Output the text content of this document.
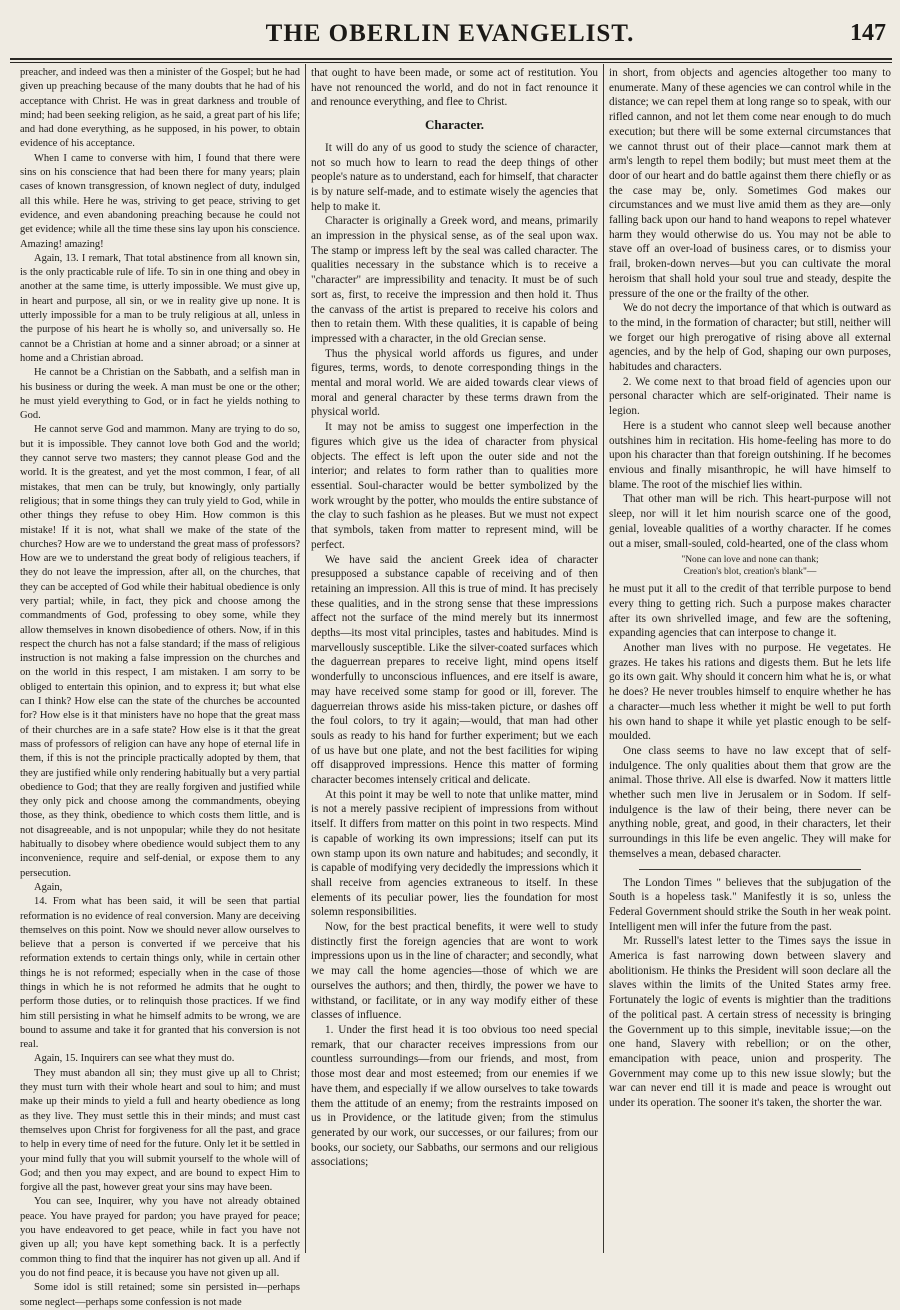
THE OBERLIN EVANGELIST.	147

preacher, and indeed was then a minister of the Gospel; but he had given up preaching because of the many doubts that he had of his acceptance with Christ. He was in great darkness and trouble of mind; had been seeking religion, as he said, a great part of his life; and had done everything, as he supposed, in his power, to obtain evidence of his acceptance.

When I came to converse with him, I found that there were sins on his conscience that had been there for many years; plain cases of known transgression, of known neglect of duty, indulged all this while. Here he was, striving to get peace, striving to get evidence, and even abandoning preaching because he could not get evidence; while all the time these sins lay upon his conscience. Amazing! amazing!

Again, 13. I remark, That total abstinence from all known sin, is the only practicable rule of life. To sin in one thing and obey in another at the same time, is utterly impossible. We must give up, in heart and purpose, all sin, or we in reality give up none. It is utterly impossible for a man to be truly religious at all, unless in the purpose of his heart he is wholly so, and universally so. He cannot be a Christian at home and a sinner abroad; or a sinner at home and a Christian abroad.

He cannot be a Christian on the Sabbath, and a selfish man in his business or during the week. A man must be one or the other; he must yield everything to God, or in fact he yields nothing to God.

He cannot serve God and mammon. Many are trying to do so, but it is impossible. They cannot love both God and the world; they cannot serve two masters; they cannot please God and the world. It is the greatest, and yet the most common, I fear, of all mistakes, that men can be truly, but knowingly, only partially religious; that in some things they can truly yield to God, while in other things they refuse to obey Him. How common is this mistake! If it is not, what shall we make of the state of the churches? How are we to understand the great mass of professors? How are we to understand the great body of religious teachers, if they do not leave the impression, after all, on the churches, that they can be accepted of God while their habitual obedience is only very partial; while, in fact, they pick and choose among the commandments of God, professing to obey some, while they allow themselves in known disobedience of others. Now, if in this respect the church has not a false standard; if the mass of religious instruction is not making a false impression on the churches and on the world in this respect, I am mistaken. I am sorry to be obliged to entertain this opinion, and to express it; but what else can I think? How else can the state of the churches be accounted for? How else is it that ministers have no hope that the great mass of their churches are in a safe state? How else is it that the great mass of professors of religion can have any hope of eternal life in them, if this is not the principle practically adopted by them, that they are justified while only rendering habitually but a very partial obedience to God; that they are really forgiven and justified while they only pick and choose among the commandments, obeying those, as they think, obedience to which costs them little, and is not disagreeable, and is not unpopular; while they do not hesitate habitually to disobey where obedience would subject them to any inconvenience, require and self-denial, or expose them to any persecution.

Again,

14. From what has been said, it will be seen that partial reformation is no evidence of real conversion. Many are deceiving themselves on this point. Now we should never allow ourselves to believe that a person is converted if we perceive that his reformation extends to certain things only, while in certain other things he is not reformed; especially when in the case of those things in which he is not reformed he admits that he ought to perform those duties, or to relinquish those practices. If we find him still persisting in what he himself admits to be wrong, we are bound to assume and take it for granted that his conversion is not real.

Again, 15. Inquirers can see what they must do.

They must abandon all sin; they must give up all to Christ; they must turn with their whole heart and soul to him; and must make up their minds to yield a full and hearty obedience as long as they live. They must settle this in their minds; and must cast themselves upon Christ for forgiveness for all the past, and grace to help in every time of need for the future. Only let it be settled in your mind fully that you will submit yourself to the whole will of God; and then you may expect, and are bound to expect Him to forgive all the past, however great your sins may have been.

You can see, Inquirer, why you have not already obtained peace. You have prayed for pardon; you have prayed for peace; you have endeavored to get peace, while in fact you have not given up all; you have kept something back. It is a perfectly common thing to find that the inquirer has not given up all. And if you do not find peace, it is because you have not given up all.

Some idol is still retained; some sin persisted in—perhaps some neglect—perhaps some confession is not made

that ought to have been made, or some act of restitution. You have not renounced the world, and do not in fact renounce it and renounce everything, and flee to Christ.

Character.

It will do any of us good to study the science of character, not so much how to learn to read the deep things of other people's nature as to understand, each for himself, that character is by nature self-made, and to estimate wisely the agencies that help to make it.

Character is originally a Greek word, and means, primarily an impression in the physical sense, as of the seal upon wax. The stamp or impress left by the seal was called character. The qualities necessary in the substance which is to receive a "character" are impressibility and tenacity. It must be of such sort as, first, to receive the impression and then hold it. Thus the canvass of the artist is prepared to receive his colors and then to retain them. With these qualities, it is capable of being impressed with a character, in the old Grecian sense.

Thus the physical world affords us figures, and under figures, terms, words, to denote corresponding things in the mental and moral world. We are aided towards clear views of moral and general character by these terms drawn from the physical world.

It may not be amiss to suggest one imperfection in the figures which give us the idea of character from physical objects. The effect is left upon the outer side and not the interior; and relates to form rather than to qualities more essential. Soul-character would be better symbolized by the work wrought by the potter, who moulds the entire substance of the clay to such fashion as he pleases. But we must not expect that symbols, taken from matter to represent mind, will be perfect.

We have said the ancient Greek idea of character presupposed a substance capable of receiving and of then retaining an impression. All this is true of mind. It has precisely these qualities, and in the strong sense that these impressions affect not the surface of the mind merely but its innermost depths—its most vital principles, tastes and habitudes. Mind is marvellously susceptible. Like the silver-coated surfaces which the daguerrean prepares to receive light, mind opens itself wonderfully to unconscious influences, and ere itself is aware, may have received some stamp for good or ill, forever. The daguerreian throws aside his miss-taken picture, or dashes off the foul colors, to try it again;—would, that man had other souls as ready to his hand for further experiment; but we each of us have but one plate, and not the best facilities for wiping off disapproved impressions. Hence this matter of forming character becomes intensely critical and delicate.

At this point it may be well to note that unlike matter, mind is not a merely passive recipient of impressions from without itself. It differs from matter on this point in two respects. Mind is capable of working its own impressions; itself can put its own stamp upon its own nature and habitudes; and secondly, it is capable of modifying very decidedly the impressions which it shall receive from agencies extraneous to itself. In these elements of its peculiar power, lies the foundation for most solemn responsibilities.

Now, for the best practical benefits, it were well to study distinctly first the foreign agencies that are wont to work impressions upon us in the line of character; and secondly, what we may call the home agencies—those of which we are ourselves the authors; and then, thirdly, the power we have to withstand, or facilitate, or in any way modify either of these classes of influence.

1. Under the first head it is too obvious too need special remark, that our character receives impressions from our countless surroundings—from our friends, and most, from those most dear and most esteemed; from our enemies if we have them, and especially if we allow ourselves to take towards them the attitude of an enemy; from the restraints imposed on us in Providence, or the latitude given; from the stimulus generated by our work, our successes, or our failures; from our books, our society, our Sabbaths, our sermons and our religious associations;

in short, from objects and agencies altogether too many to enumerate. Many of these agencies we can control while in the distance; we can repel them at long range so to speak, with our rifled cannon, and not let them come near enough to do much execution; but there will be some external circumstances that we cannot thrust out of their place—cannot mark them at arm's length to repel them bodily; but must meet them at the door of our heart and do battle against them there chiefly or as the case may be, only. Sometimes God makes our circumstances and we must live amid them as they are—only falling back upon our hand to hand weapons to repel whatever harm they would otherwise do us. You may not be able to stave off an over-load of business cares, or to dismiss your frail, broken-down nerves—but you can cultivate the moral heroism that shall hold your soul true and steady, despite the pressure of the one or the frailty of the other.

We do not decry the importance of that which is outward as to the mind, in the formation of character; but still, neither will we forget our high prerogative of rising above all external agencies, and by the help of God, shaping our own purposes, habitudes and characters.

2. We come next to that broad field of agencies upon our personal character which are self-originated. Their name is legion.

Here is a student who cannot sleep well because another outshines him in recitation. His home-feeling has more to do upon his character than that foreign outshining. If he becomes envious and finally misanthropic, he will have himself to blame. The root of the mischief lies within.

That other man will be rich. This heart-purpose will not sleep, nor will it let him nourish scarce one of the good, genial, loveable qualities of a worthy character. If he comes out a miser, small-souled, cold-hearted, one of the class whom

"None can love and none can thank;
Creation's blot, creation's blank"—

he must put it all to the credit of that terrible purpose to bend every thing to getting rich. Such a purpose makes character after its own shrivelled image, and few are the softening, expanding agencies that can interpose to change it.

Another man lives with no purpose. He vegetates. He grazes. He takes his rations and digests them. But he lets life go its own gait. Why should it concern him what he is, or what he does? He never troubles himself to enquire whether he has a character—much less whether it might be well to put forth his own hand to shape it while yet plastic enough to be self-moulded.

One class seems to have no law except that of self-indulgence. The only qualities about them that grow are the animal. Those thrive. All else is dwarfed. Now it matters little whether such men live in Jerusalem or in Sodom. If self-indulgence is the law of their being, there never can be anything noble, great, and good, in their characters, let their surroundings in this life be even angelic. They will make for themselves a mean, debased character.

The London Times " believes that the subjugation of the South is a hopeless task." Manifestly it is so, unless the Federal Government should strike the South in her weak point. Intelligent men will infer the future from the past.

Mr. Russell's latest letter to the Times says the issue in America is fast narrowing down between slavery and abolitionism. He thinks the President will soon declare all the slaves within the limits of the United States army free. Fortunately the logic of events is mightier than the traditions of the political past. A certain stress of necessity is bringing the Government up to this simple, inevitable issue;—on the one hand, Slavery with rebellion; or on the other, emancipation with peace, union and prosperity. The Government may come up to this new issue slowly; but the war can never end till it is made and peace is wrought out under its operation. The sooner it's taken, the shorter the war.
